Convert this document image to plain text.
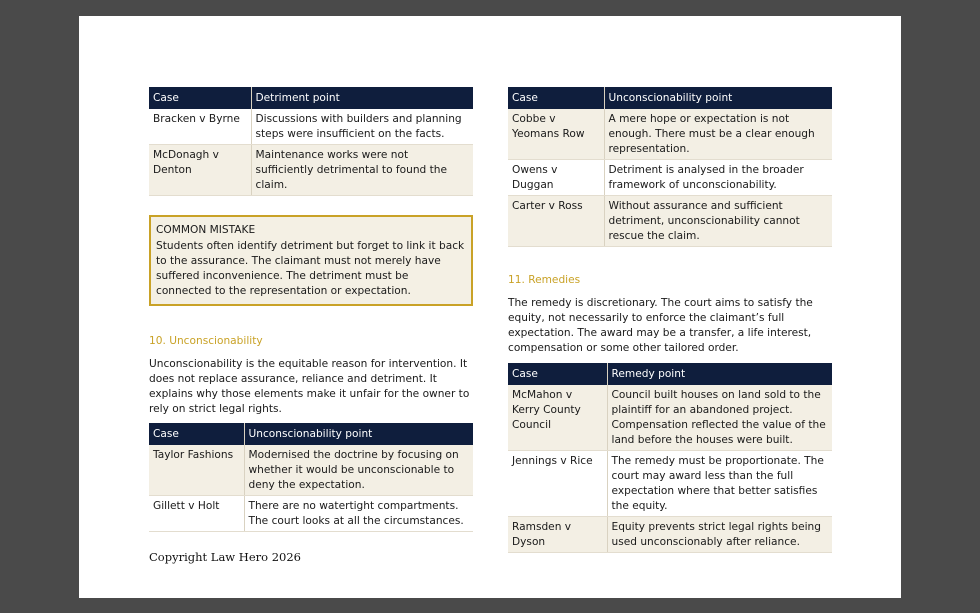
Case	Detriment point
Bracken v Byrne	Discussions with builders and planning steps were insufficient on the facts.
McDonagh v Denton	Maintenance works were not sufficiently detrimental to found the claim.
COMMON MISTAKE
Students often identify detriment but forget to link it back to the assurance. The claimant must not merely have suffered inconvenience. The detriment must be connected to the representation or expectation.
10. Unconscionability
Unconscionability is the equitable reason for intervention. It does not replace assurance, reliance and detriment. It explains why those elements make it unfair for the owner to rely on strict legal rights.
Case	Unconscionability point
Taylor Fashions	Modernised the doctrine by focusing on whether it would be unconscionable to deny the expectation.
Gillett v Holt	There are no watertight compartments. The court looks at all the circumstances.
Case	Unconscionability point
Cobbe v Yeomans Row	A mere hope or expectation is not enough. There must be a clear enough representation.
Owens v Duggan	Detriment is analysed in the broader framework of unconscionability.
Carter v Ross	Without assurance and sufficient detriment, unconscionability cannot rescue the claim.
11. Remedies
The remedy is discretionary. The court aims to satisfy the equity, not necessarily to enforce the claimant’s full expectation. The award may be a transfer, a life interest, compensation or some other tailored order.
Case	Remedy point
McMahon v Kerry County Council	Council built houses on land sold to the plaintiff for an abandoned project. Compensation reflected the value of the land before the houses were built.
Jennings v Rice	The remedy must be proportionate. The court may award less than the full expectation where that better satisfies the equity.
Ramsden v Dyson	Equity prevents strict legal rights being used unconscionably after reliance.
Copyright Law Hero 2026
